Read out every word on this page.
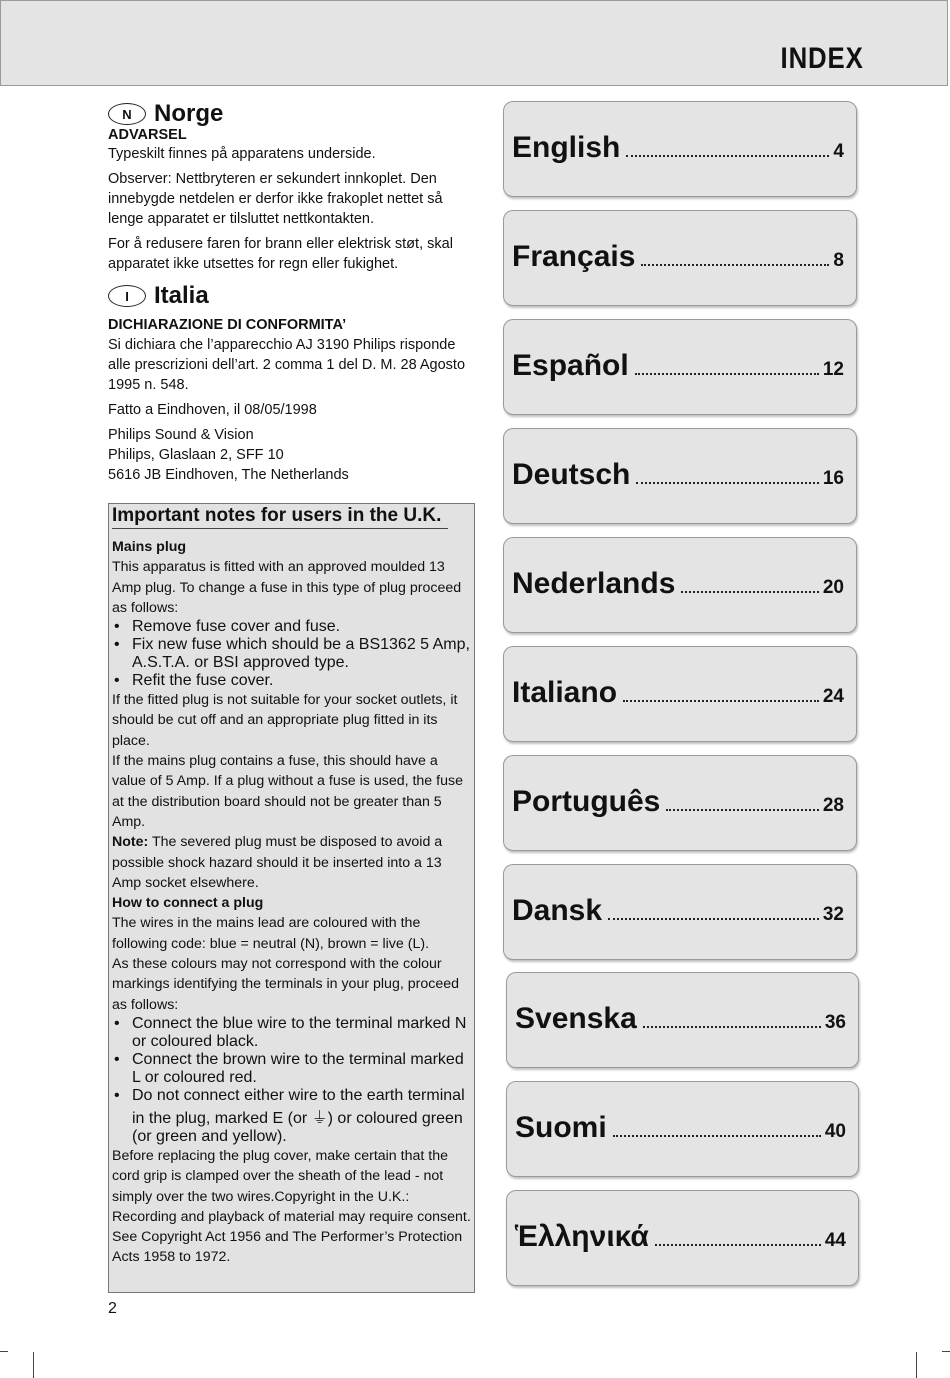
INDEX
N Norge

ADVARSEL

Typeskilt finnes på apparatens underside.

Observer: Nettbryteren er sekundert innkoplet. Den innebygde netdelen er derfor ikke frakoplet nettet så lenge apparatet er tilsluttet nettkontakten.

For å redusere faren for brann eller elektrisk støt, skal apparatet ikke utsettes for regn eller fukighet.

I	Italia

DICHIARAZIONE DI CONFORMITA’

Si dichiara che l’apparecchio AJ 3190 Philips risponde alle prescrizioni dell’art. 2 comma 1 del D. M. 28 Agosto 1995 n. 548.

Fatto a Eindhoven, il 08/05/1998

Philips Sound & Vision

Philips, Glaslaan 2, SFF 10

5616 JB Eindhoven, The Netherlands

Important notes for users in the U.K.

Mains plug

This apparatus is fitted with an approved moulded 13 Amp plug. To change a fuse in this type of plug proceed as follows:

• Remove fuse cover and fuse.
• Fix new fuse which should be a BS1362 5 Amp, A.S.T.A. or BSI approved type.
• Refit the fuse cover.

If the fitted plug is not suitable for your socket outlets, it should be cut off and an appropriate plug fitted in its place.

If the mains plug contains a fuse, this should have a value of 5 Amp. If a plug without a fuse is used, the fuse at the distribution board should not be greater than 5 Amp.

Note: The severed plug must be disposed to avoid a possible shock hazard should it be inserted into a 13 Amp socket elsewhere.

How to connect a plug

The wires in the mains lead are coloured with the following code: blue = neutral (N), brown = live (L).

As these colours may not correspond with the colour markings identifying the terminals in your plug, proceed as follows:

• Connect the blue wire to the terminal marked N or coloured black.
• Connect the brown wire to the terminal marked L or coloured red.
• Do not connect either wire to the earth terminal in the plug, marked E (or ⏚) or coloured green (or green and yellow).

Before replacing the plug cover, make certain that the cord grip is clamped over the sheath of the lead - not simply over the two wires.Copyright in the U.K.: Recording and playback of material may require consent. See Copyright Act 1956 and The Performer’s Protection Acts 1958 to 1972.

2
English	4
Français	8
Español	12
Deutsch	16
Nederlands	20
Italiano	24
Português	28
Dansk	32
Svenska	36
Suomi	40
Ἑλληνικά	44
